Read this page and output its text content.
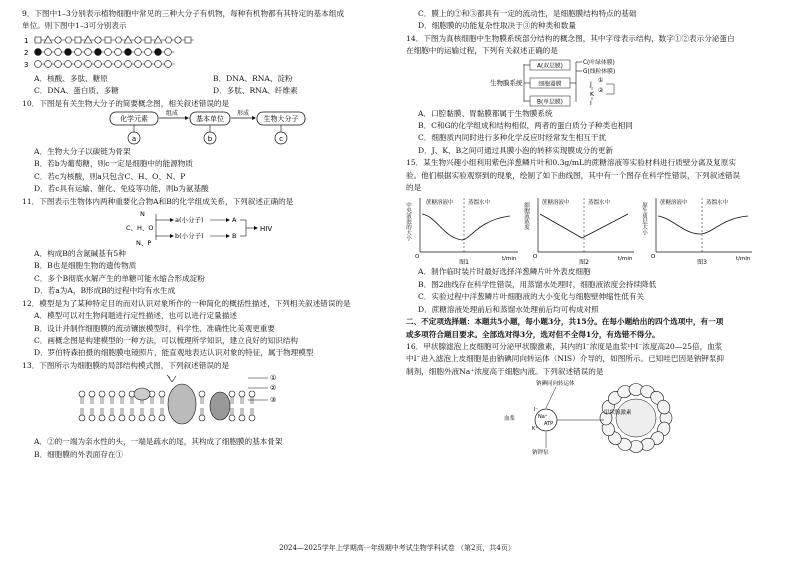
9．下图中1–3分别表示植物细胞中常见的三种大分子有机物，每种有机物都有其特定的基本组成

单位。则下图中1–3可分别表示

1
2
3
A．核酸、多肽、糖原	B．DNA、RNA、淀粉
C．DNA、蛋白质、多糖	D．多肽、RNA、纤维素

10．下图是有关生物大分子的简要概念图，相关叙述错误的是

化学元素
组成
基本单位
形成
生物大分子
a	b	c

A．生物大分子以碳链为骨架

B．若b为葡萄糖，则c一定是细胞中的能源物质

C．若c为核酸，则a只包含C、H、O、N、P

D．若c具有运输、催化、免疫等功能，则b为氨基酸

11．下图表示生物体内两种重要化合物A和B的化学组成关系，下列叙述正确的是

N
C、H、O
N、P
a(小分子)
b(小分子)
A
B
HIV

A．构成B的含氮碱基有5种

B．B也是细胞生物的遗传物质

C．多个B彻底水解产生的单糖可能水缩合形成淀粉

D．若a为A，B形成B的过程中均有水生成

12．模型是为了某种特定目的而对认识对象所作的一种简化的概括性描述，下列相关叙述错误的是

A．模型可以对生物间题进行定性描述，也可以进行定量描述

B．设计并制作细胞膜的流动镶嵌模型时，科学性、准确性比美观更重要

C．画概念图是构建模型的一种方法，可以梳理所学知识，建立良好的知识结构

D．罗伯特森拍摄的细胞膜电镜照片，能直观地表达认识对象的特征，属于物理模型

13．下图所示为细胞膜的局部结构模式图，下列叙述错误的是

①
②
③

A．②的一端为亲水性的头，一端是疏水的尾，其构成了细胞膜的基本骨架

B．细胞膜的外表面存在①

C．膜上的②和③都具有一定的流动性，是细胞膜结构特点的基础

D．细胞膜的功能复杂性取决于③的种类和数量

14．下图为真核细胞中生物膜系统部分结构的概念图，其中字母表示结构，数字①②表示分泌蛋白

在细胞中的运输过程，下列有关叙述正确的是

生物膜系统
A(双层膜)
细胞器膜
B(单层膜)
C(叶绿体膜)
G(线粒体膜)
J
①
K
②
I

A．口腔黏膜、胃黏膜都属于生物膜系统

B．C和G的化学组成和结构相似，两者的蛋白质分子种类也相同

C．细胞质内同时进行多种化学反应时经常发生相互干扰

D．J、K、B之间可通过具膜小泡的转移实现膜成分的更新

15．某生物兴趣小组利用紫色洋葱鳞片叶和0.3g/mL的蔗糖溶液等实验材料进行质壁分离及复原实

验。他们根据实验观察到的现象，绘制了如下曲线图，其中有一个图存在科学性错误，下列叙述错误

的是

中央液泡的大小	蔗糖溶液中	蒸馏水中
O	t/min
图1
细胞液浓度 蔗糖溶液中	蒸馏水中
O	t/min
图2
原生质层大小 蔗糖溶液中	蒸馏水中
O	t/min
图3

A．制作临时装片时最好选择洋葱鳞片叶外表皮细胞

B．图2曲线存在科学性错误，用蒸馏水处理时，细胞液浓度会持续降低

C．实验过程中洋葱鳞片叶细胞液的大小变化与细胞壁伸缩性低有关

D．蔗糖溶液处理前后和蒸馏水处理前后均可构成对照

二、不定项选择题：本题共5小题，每小题3分，共15分。在每小题给出的四个选项中，有一项

或多项符合题目要求。全部选对得3分，选对但不全得1分，有选错不得分。

16．甲状腺滤泡上皮细胞可分泌甲状腺激素，其内的I⁻浓度是血浆中I⁻浓度高20—25倍，血浆

中I⁻进入滤泡上皮细胞是由钠碘同向转运体（NIS）介导的，如图所示。已知哇巴因是钠钾泵抑

制剂，细胞外液Na⁺浓度高于细胞内液。下列叙述错误的是

钠碘同向转运体
血浆
钠钾泵
Na⁺
ATP
K⁺
I⁻	甲状腺激素
2024—2025学年上学期高一年级期中考试生物学科试卷 （第2页，共4页）
